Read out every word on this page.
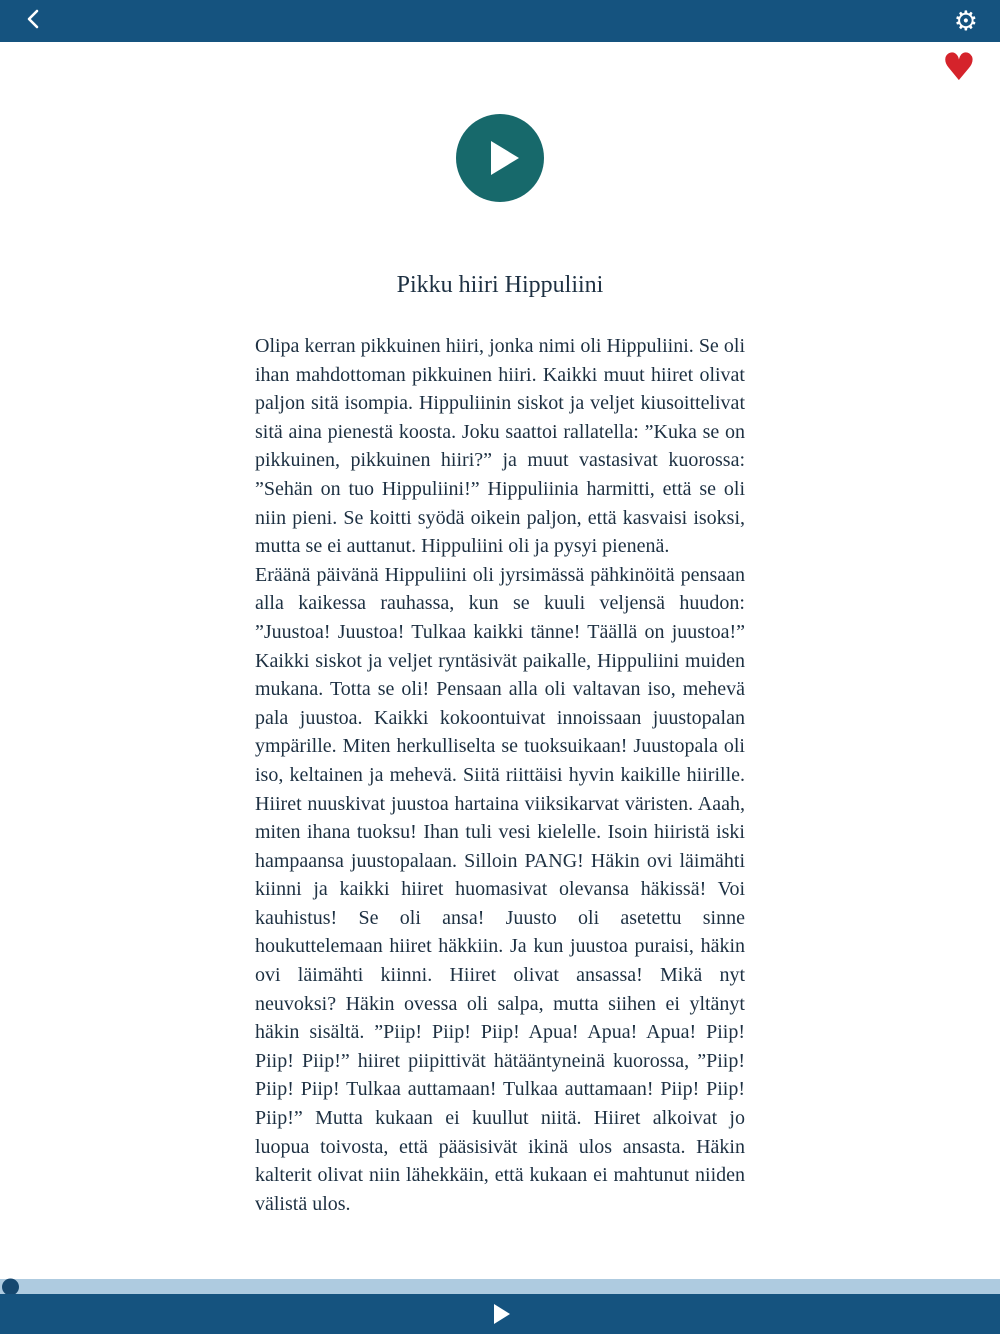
⚙
♥
Pikku hiiri Hippuliini

Olipa kerran pikkuinen hiiri, jonka nimi oli Hippuliini. Se oli ihan mahdottoman pikkuinen hiiri. Kaikki muut hiiret olivat paljon sitä isompia. Hippuliinin siskot ja veljet kiusoittelivat sitä aina pienestä koosta. Joku saattoi rallatella: ”Kuka se on pikkuinen, pikkuinen hiiri?” ja muut vastasivat kuorossa: ”Sehän on tuo Hippuliini!” Hippuliinia harmitti, että se oli niin pieni. Se koitti syödä oikein paljon, että kasvaisi isoksi, mutta se ei auttanut. Hippuliini oli ja pysyi pienenä.

Eräänä päivänä Hippuliini oli jyrsimässä pähkinöitä pensaan alla kaikessa rauhassa, kun se kuuli veljensä huudon: ”Juustoa! Juustoa! Tulkaa kaikki tänne! Täällä on juustoa!” Kaikki siskot ja veljet ryntäsivät paikalle, Hippuliini muiden mukana. Totta se oli! Pensaan alla oli valtavan iso, mehevä pala juustoa. Kaikki kokoontuivat innoissaan juustopalan ympärille. Miten herkulliselta se tuoksuikaan! Juustopala oli iso, keltainen ja mehevä. Siitä riittäisi hyvin kaikille hiirille. Hiiret nuuskivat juustoa hartaina viiksikarvat väristen. Aaah, miten ihana tuoksu! Ihan tuli vesi kielelle. Isoin hiiristä iski hampaansa juustopalaan. Silloin PANG! Häkin ovi läimähti kiinni ja kaikki hiiret huomasivat olevansa häkissä! Voi kauhistus! Se oli ansa! Juusto oli asetettu sinne houkuttelemaan hiiret häkkiin. Ja kun juustoa puraisi, häkin ovi läimähti kiinni. Hiiret olivat ansassa! Mikä nyt neuvoksi? Häkin ovessa oli salpa, mutta siihen ei yltänyt häkin sisältä. ”Piip! Piip! Piip! Apua! Apua! Apua! Piip! Piip! Piip!” hiiret piipittivät hätääntyneinä kuorossa, ”Piip! Piip! Piip! Tulkaa auttamaan! Tulkaa auttamaan! Piip! Piip! Piip!” Mutta kukaan ei kuullut niitä. Hiiret alkoivat jo luopua toivosta, että pääsisivät ikinä ulos ansasta. Häkin kalterit olivat niin lähekkäin, että kukaan ei mahtunut niiden välistä ulos.
